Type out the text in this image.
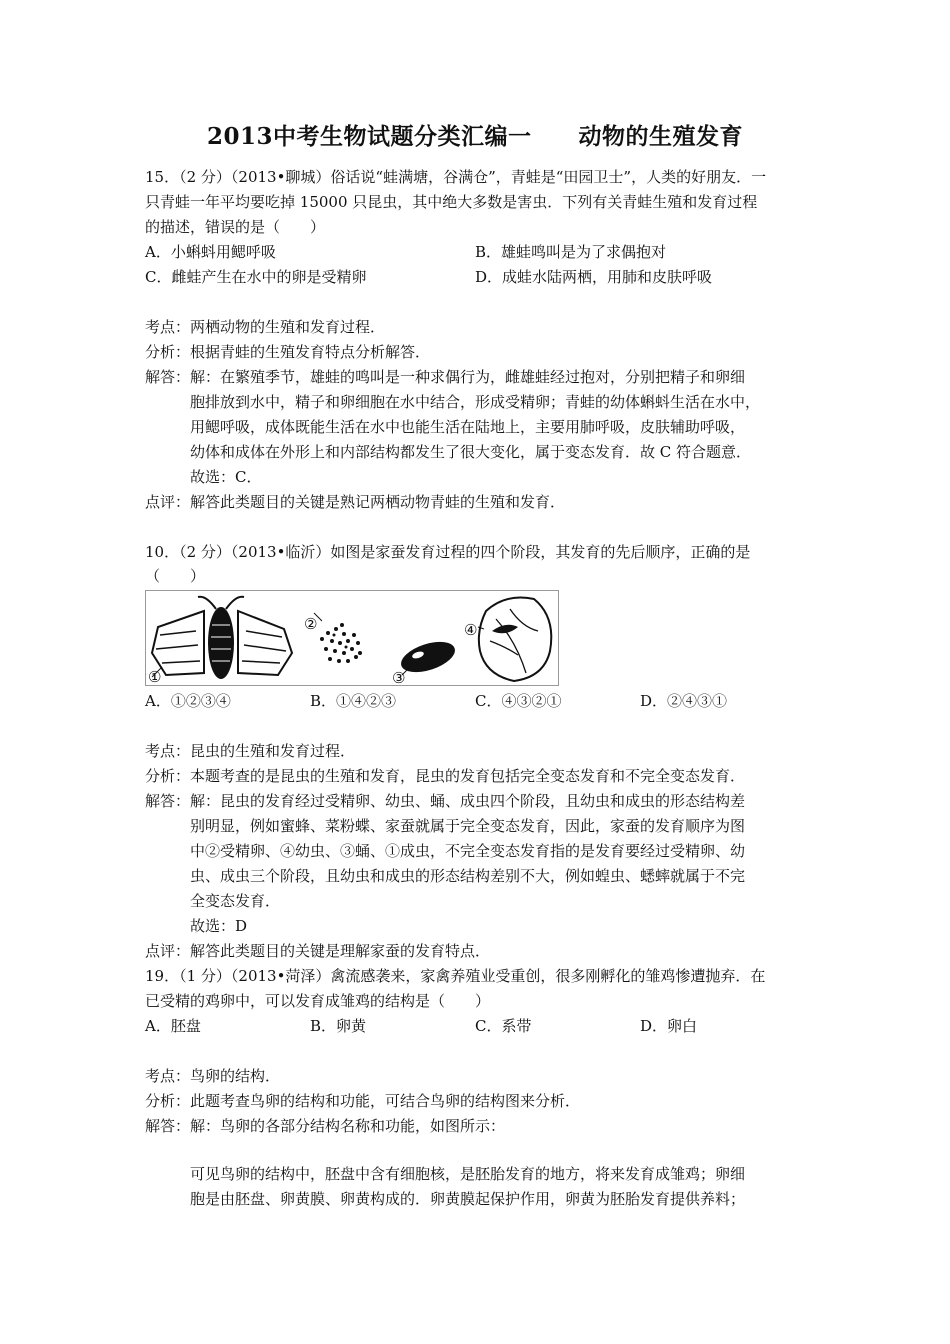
2013中考生物试题分类汇编一　　动物的生殖发育
15．（2 分）（2013•聊城）俗话说“蛙满塘，谷满仓”，青蛙是“田园卫士”，人类的好朋友．一
只青蛙一年平均要吃掉 15000 只昆虫，其中绝大多数是害虫．下列有关青蛙生殖和发育过程
的描述，错误的是（　　）
A．小蝌蚪用鳃呼吸	B．雄蛙鸣叫是为了求偶抱对
C．雌蛙产生在水中的卵是受精卵	D．成蛙水陆两栖，用肺和皮肤呼吸
考点：两栖动物的生殖和发育过程．
分析：根据青蛙的生殖发育特点分析解答．
解答：解：在繁殖季节，雄蛙的鸣叫是一种求偶行为，雌雄蛙经过抱对，分别把精子和卵细
胞排放到水中，精子和卵细胞在水中结合，形成受精卵；青蛙的幼体蝌蚪生活在水中，
用鳃呼吸，成体既能生活在水中也能生活在陆地上，主要用肺呼吸，皮肤辅助呼吸，
幼体和成体在外形上和内部结构都发生了很大变化，属于变态发育．故 C 符合题意．
故选：C．
点评：解答此类题目的关键是熟记两栖动物青蛙的生殖和发育．
10．（2 分）（2013•临沂）如图是家蚕发育过程的四个阶段，其发育的先后顺序，正确的是
（　　）
①
②
③
④
A．①②③④	B．①④②③	C．④③②①	D．②④③①
考点：昆虫的生殖和发育过程．
分析：本题考查的是昆虫的生殖和发育，昆虫的发育包括完全变态发育和不完全变态发育．
解答：解：昆虫的发育经过受精卵、幼虫、蛹、成虫四个阶段，且幼虫和成虫的形态结构差
别明显，例如蜜蜂、菜粉蝶、家蚕就属于完全变态发育，因此，家蚕的发育顺序为图
中②受精卵、④幼虫、③蛹、①成虫，不完全变态发育指的是发育要经过受精卵、幼
虫、成虫三个阶段，且幼虫和成虫的形态结构差别不大，例如蝗虫、蟋蟀就属于不完
全变态发育．
故选：D
点评：解答此类题目的关键是理解家蚕的发育特点．
19．（1 分）（2013•菏泽）禽流感袭来，家禽养殖业受重创，很多刚孵化的雏鸡惨遭抛弃．在
已受精的鸡卵中，可以发育成雏鸡的结构是（　　）
A．胚盘	B．卵黄	C．系带	D．卵白
考点：鸟卵的结构．
分析：此题考查鸟卵的结构和功能，可结合鸟卵的结构图来分析．
解答：解：鸟卵的各部分结构名称和功能，如图所示：
可见鸟卵的结构中，胚盘中含有细胞核，是胚胎发育的地方，将来发育成雏鸡；卵细
胞是由胚盘、卵黄膜、卵黄构成的．卵黄膜起保护作用，卵黄为胚胎发育提供养料；
